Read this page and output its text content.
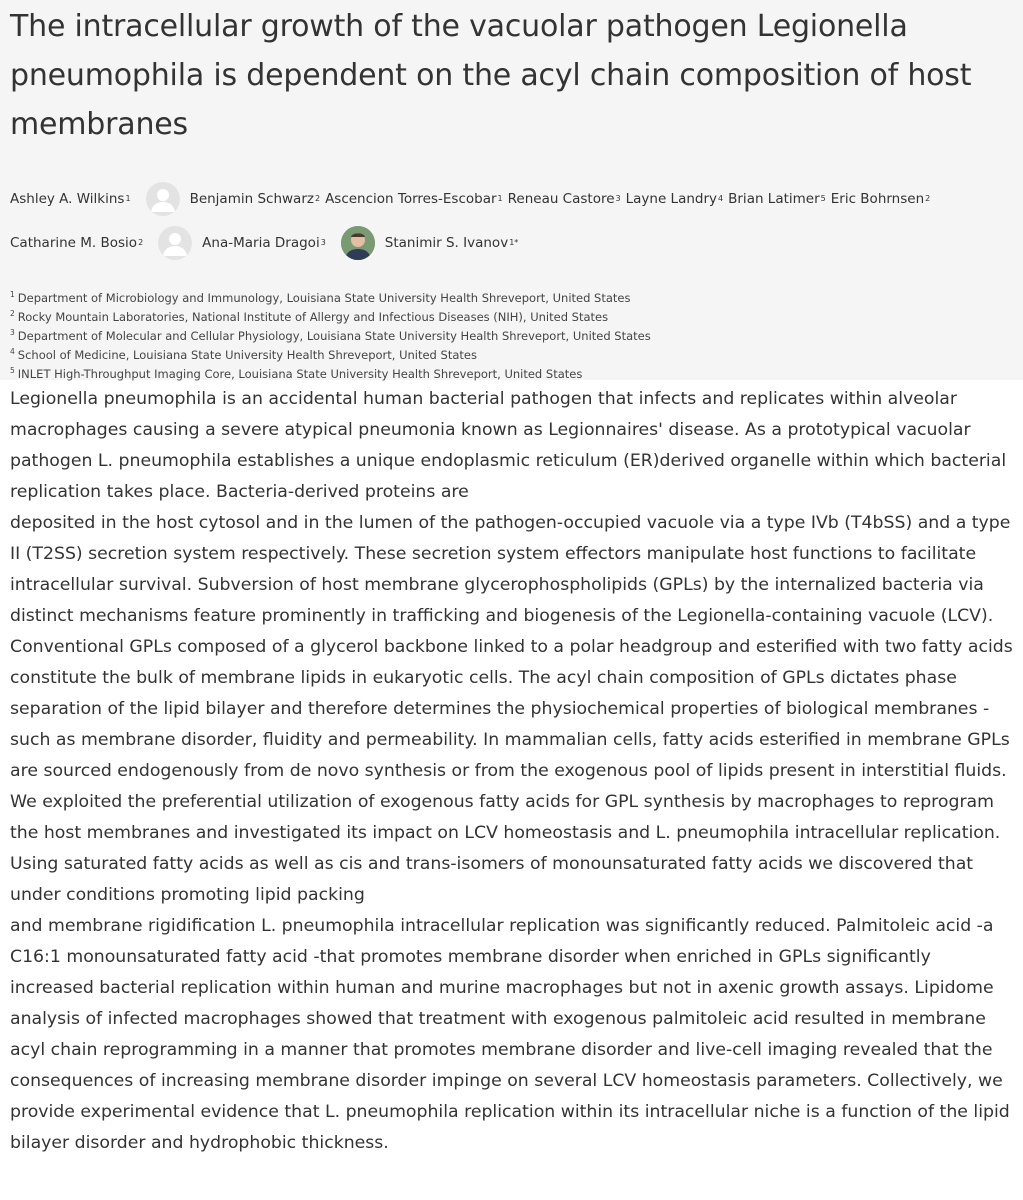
The intracellular growth of the vacuolar pathogen Legionella pneumophila is dependent on the acyl chain composition of host membranes
Ashley A. Wilkins 1	Benjamin Schwarz 2 Ascencion Torres-Escobar 1 Reneau Castore 3 Layne Landry 4 Brian Latimer 5 Eric Bohrnsen 2
Catharine M. Bosio 2	Ana-Maria Dragoi 3	Stanimir S. Ivanov 1*
$^1$ Department of Microbiology and Immunology, Louisiana State University Health Shreveport, United States
$^2$ Rocky Mountain Laboratories, National Institute of Allergy and Infectious Diseases (NIH), United States
$^3$ Department of Molecular and Cellular Physiology, Louisiana State University Health Shreveport, United States
$^4$ School of Medicine, Louisiana State University Health Shreveport, United States
$^5$ INLET High-Throughput Imaging Core, Louisiana State University Health Shreveport, United States

Legionella pneumophila is an accidental human bacterial pathogen that infects and replicates within alveolar macrophages causing a severe atypical pneumonia known as Legionnaires' disease. As a prototypical vacuolar pathogen L. pneumophila establishes a unique endoplasmic reticulum (ER)derived organelle within which bacterial replication takes place. Bacteria-derived proteins are

deposited in the host cytosol and in the lumen of the pathogen-occupied vacuole via a type IVb (T4bSS) and a type II (T2SS) secretion system respectively. These secretion system effectors manipulate host functions to facilitate intracellular survival. Subversion of host membrane glycerophospholipids (GPLs) by the internalized bacteria via distinct mechanisms feature prominently in trafficking and biogenesis of the Legionella-containing vacuole (LCV). Conventional GPLs composed of a glycerol backbone linked to a polar headgroup and esterified with two fatty acids constitute the bulk of membrane lipids in eukaryotic cells. The acyl chain composition of GPLs dictates phase separation of the lipid bilayer and therefore determines the physiochemical properties of biological membranes -such as membrane disorder, fluidity and permeability. In mammalian cells, fatty acids esterified in membrane GPLs are sourced endogenously from de novo synthesis or from the exogenous pool of lipids present in interstitial fluids. We exploited the preferential utilization of exogenous fatty acids for GPL synthesis by macrophages to reprogram the host membranes and investigated its impact on LCV homeostasis and L. pneumophila intracellular replication. Using saturated fatty acids as well as cis and trans-isomers of monounsaturated fatty acids we discovered that under conditions promoting lipid packing

and membrane rigidification L. pneumophila intracellular replication was significantly reduced. Palmitoleic acid -a C16:1 monounsaturated fatty acid -that promotes membrane disorder when enriched in GPLs significantly increased bacterial replication within human and murine macrophages but not in axenic growth assays. Lipidome analysis of infected macrophages showed that treatment with exogenous palmitoleic acid resulted in membrane acyl chain reprogramming in a manner that promotes membrane disorder and live-cell imaging revealed that the consequences of increasing membrane disorder impinge on several LCV homeostasis parameters. Collectively, we provide experimental evidence that L. pneumophila replication within its intracellular niche is a function of the lipid bilayer disorder and hydrophobic thickness.
